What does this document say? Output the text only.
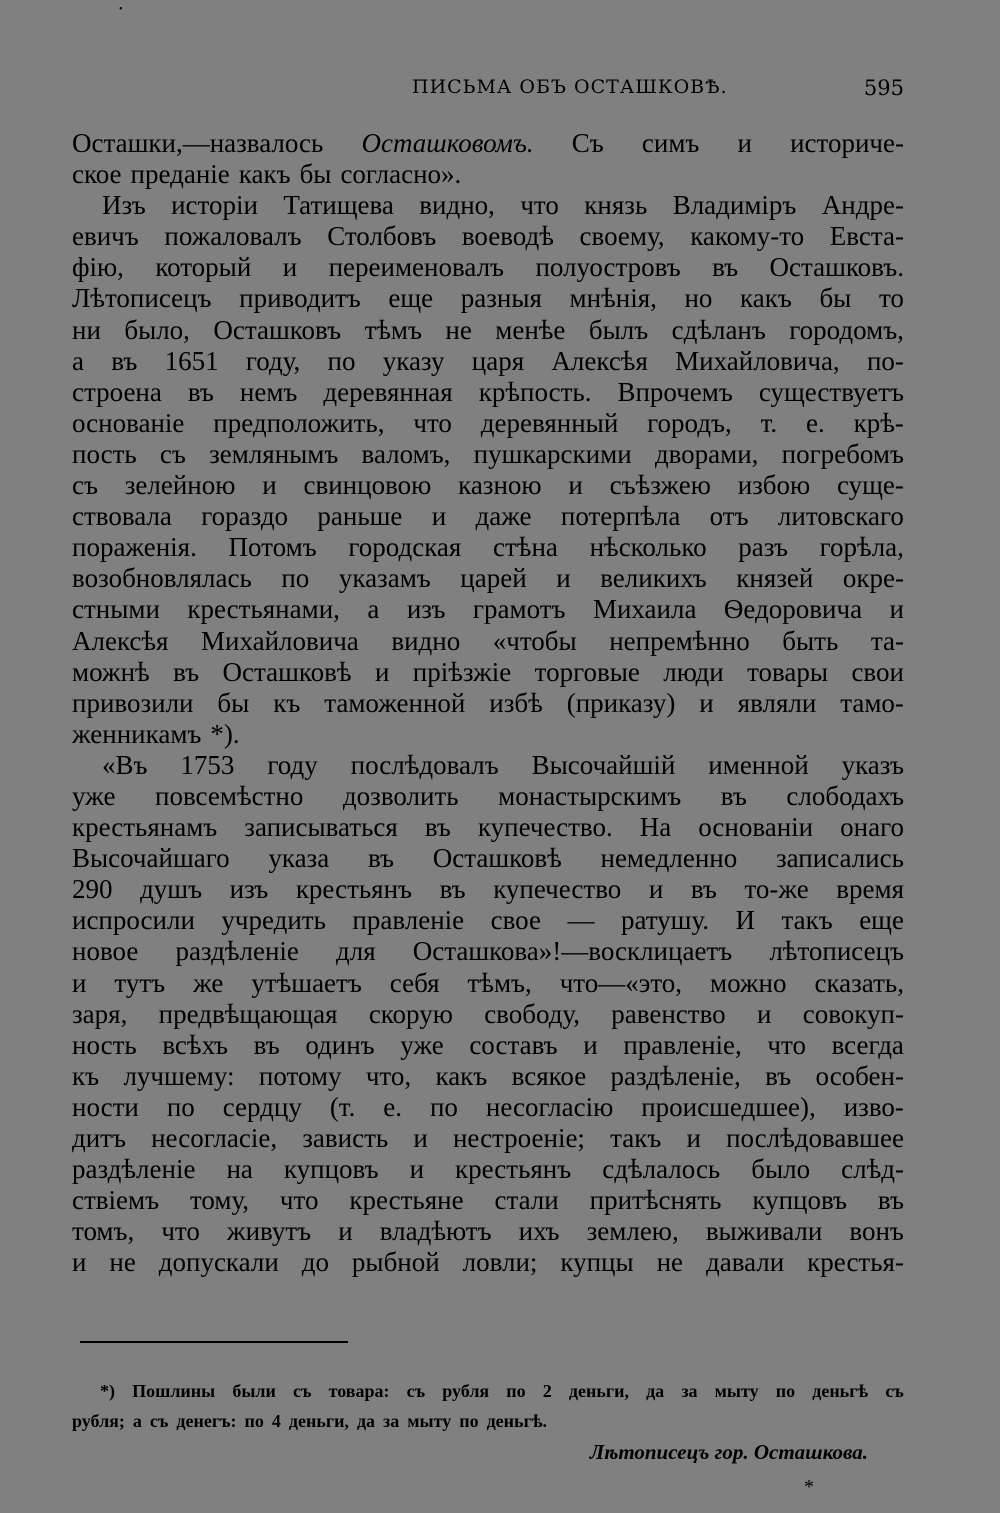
•
ПИСЬМА ОБЪ ОСТАШКОВѢ.	595
Осташки,—назвалось Осташковомъ. Съ симъ и историче-
ское преданіе какъ бы согласно».
Изъ исторіи Татищева видно, что князь Владиміръ Андре-
евичъ пожаловалъ Столбовъ воеводѣ своему, какому-то Евста-
фію, который и переименовалъ полуостровъ въ Осташковъ.
Лѣтописецъ приводитъ еще разныя мнѣнія, но какъ бы то
ни было, Осташковъ тѣмъ не менѣе былъ сдѣланъ городомъ,
а въ 1651 году, по указу царя Алексѣя Михайловича, по-
строена въ немъ деревянная крѣпость. Впрочемъ существуетъ
основаніе предположить, что деревянный городъ, т. е. крѣ-
пость съ землянымъ валомъ, пушкарскими дворами, погребомъ
съ зелейною и свинцовою казною и съѣзжею избою суще-
ствовала гораздо раньше и даже потерпѣла отъ литовскаго
пораженія. Потомъ городская стѣна нѣсколько разъ горѣла,
возобновлялась по указамъ царей и великихъ князей окре-
стными крестьянами, а изъ грамотъ Михаила Ѳедоровича и
Алексѣя Михайловича видно «чтобы непремѣнно быть та-
можнѣ въ Осташковѣ и пріѣзжіе торговые люди товары свои
привозили бы къ таможенной избѣ (приказу) и являли тамо-
женникамъ *).
«Въ 1753 году послѣдовалъ Высочайшій именной указъ
уже повсемѣстно дозволить монастырскимъ въ слободахъ
крестьянамъ записываться въ купечество. На основаніи онаго
Высочайшаго указа въ Осташковѣ немедленно записались
290 душъ изъ крестьянъ въ купечество и въ то-же время
испросили учредить правленіе свое — ратушу. И такъ еще
новое раздѣленіе для Осташкова»!—восклицаетъ лѣтописецъ
и тутъ же утѣшаетъ себя тѣмъ, что—«это, можно сказать,
заря, предвѣщающая скорую свободу, равенство и совокуп-
ность всѣхъ въ одинъ уже составъ и правленіе, что всегда
къ лучшему: потому что, какъ всякое раздѣленіе, въ особен-
ности по сердцу (т. е. по несогласію происшедшее), изво-
дитъ несогласіе, зависть и нестроеніе; такъ и послѣдовавшее
раздѣленіе на купцовъ и крестьянъ сдѣлалось было слѣд-
ствіемъ тому, что крестьяне стали притѣснять купцовъ въ
томъ, что живутъ и владѣютъ ихъ землею, выживали вонъ
и не допускали до рыбной ловли; купцы не давали крестья-
*) Пошлины были съ товара: съ рубля по 2 деньги, да за мыту по деньгѣ съ
рубля; а съ денегъ: по 4 деньги, да за мыту по деньгѣ.
Лѣтописецъ гор. Осташкова.
*
